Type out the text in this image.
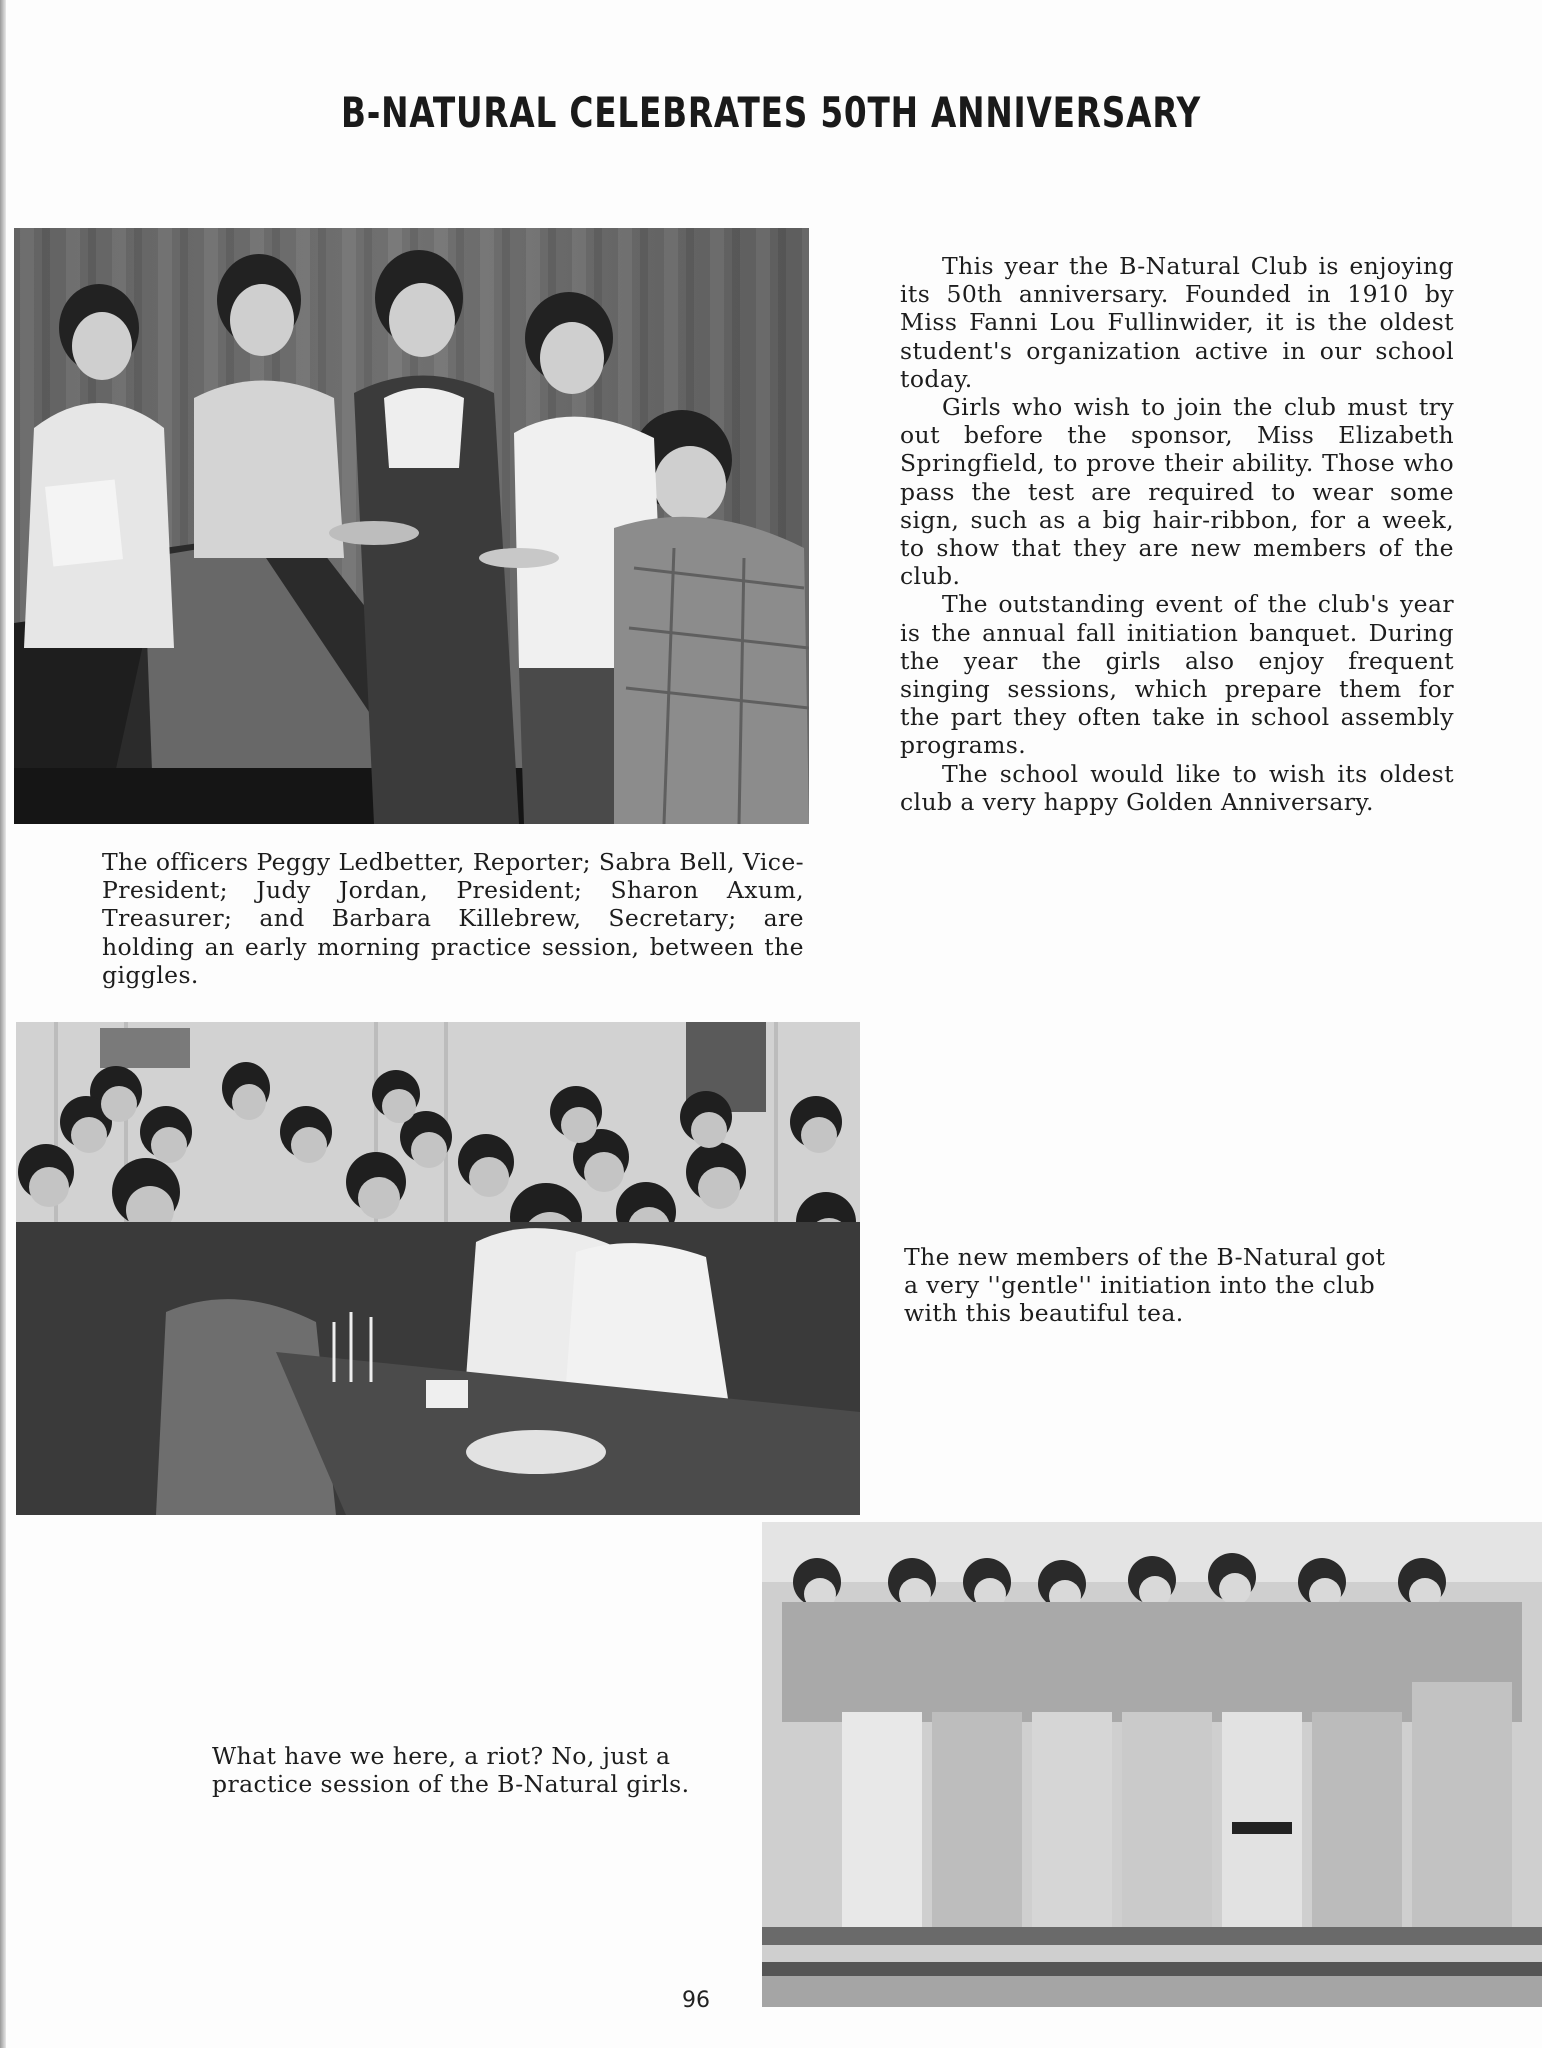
B-NATURAL CELEBRATES 50TH ANNIVERSARY

This year the B-Natural Club is enjoying its 50th anniversary. Founded in 1910 by Miss Fanni Lou Fullinwider, it is the oldest student's organization active in our school today.

Girls who wish to join the club must try out before the sponsor, Miss Elizabeth Springfield, to prove their ability. Those who pass the test are required to wear some sign, such as a big hair-ribbon, for a week, to show that they are new members of the club.

The outstanding event of the club's year is the annual fall initiation banquet. During the year the girls also enjoy frequent singing sessions, which prepare them for the part they often take in school assembly programs.

The school would like to wish its oldest club a very happy Golden Anniversary.

The officers Peggy Ledbetter, Reporter; Sabra Bell, Vice-President; Judy Jordan, President; Sharon Axum, Treasurer; and Barbara Killebrew, Secretary; are holding an early morning practice session, between the giggles.
The new members of the B-Natural got a very ''gentle'' initiation into the club with this beautiful tea.
What have we here, a riot? No, just a practice session of the B-Natural girls.
96
